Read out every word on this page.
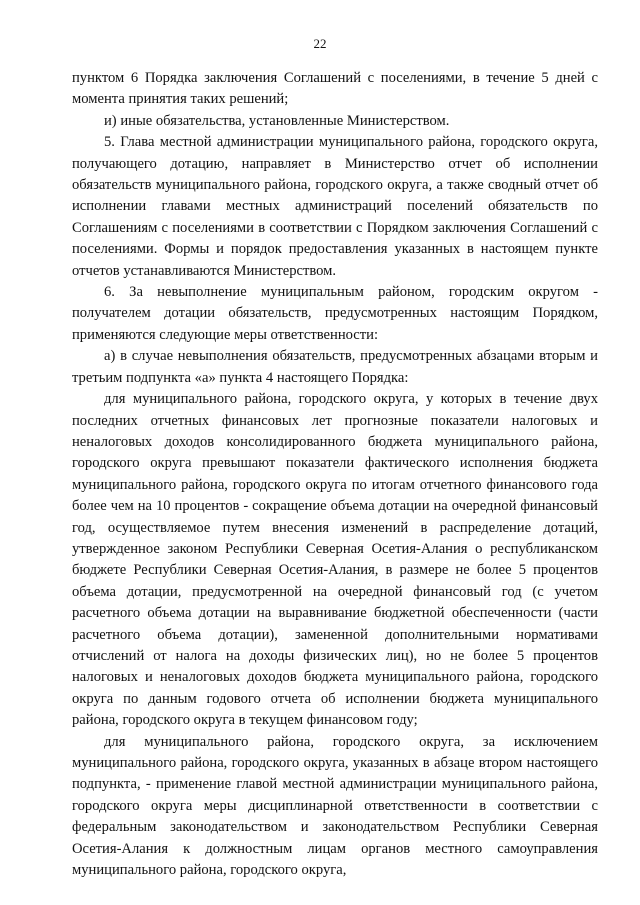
22

пунктом 6 Порядка заключения Соглашений с поселениями, в течение 5 дней с момента принятия таких решений;

и) иные обязательства, установленные Министерством.

5. Глава местной администрации муниципального района, городского округа, получающего дотацию, направляет в Министерство отчет об исполнении обязательств муниципального района, городского округа, а также сводный отчет об исполнении главами местных администраций поселений обязательств по Соглашениям с поселениями в соответствии с Порядком заключения Соглашений с поселениями. Формы и порядок предоставления указанных в настоящем пункте отчетов устанавливаются Министерством.

6. За невыполнение муниципальным районом, городским округом - получателем дотации обязательств, предусмотренных настоящим Порядком, применяются следующие меры ответственности:

а) в случае невыполнения обязательств, предусмотренных абзацами вторым и третьим подпункта «а» пункта 4 настоящего Порядка:

для муниципального района, городского округа, у которых в течение двух последних отчетных финансовых лет прогнозные показатели налоговых и неналоговых доходов консолидированного бюджета муниципального района, городского округа превышают показатели фактического исполнения бюджета муниципального района, городского округа по итогам отчетного финансового года более чем на 10 процентов - сокращение объема дотации на очередной финансовый год, осуществляемое путем внесения изменений в распределение дотаций, утвержденное законом Республики Северная Осетия-Алания о республиканском бюджете Республики Северная Осетия-Алания, в размере не более 5 процентов объема дотации, предусмотренной на очередной финансовый год (с учетом расчетного объема дотации на выравнивание бюджетной обеспеченности (части расчетного объема дотации), замененной дополнительными нормативами отчислений от налога на доходы физических лиц), но не более 5 процентов налоговых и неналоговых доходов бюджета муниципального района, городского округа по данным годового отчета об исполнении бюджета муниципального района, городского округа в текущем финансовом году;

для муниципального района, городского округа, за исключением муниципального района, городского округа, указанных в абзаце втором настоящего подпункта, - применение главой местной администрации муниципального района, городского округа меры дисциплинарной ответственности в соответствии с федеральным законодательством и законодательством Республики Северная Осетия-Алания к должностным лицам органов местного самоуправления муниципального района, городского округа,
